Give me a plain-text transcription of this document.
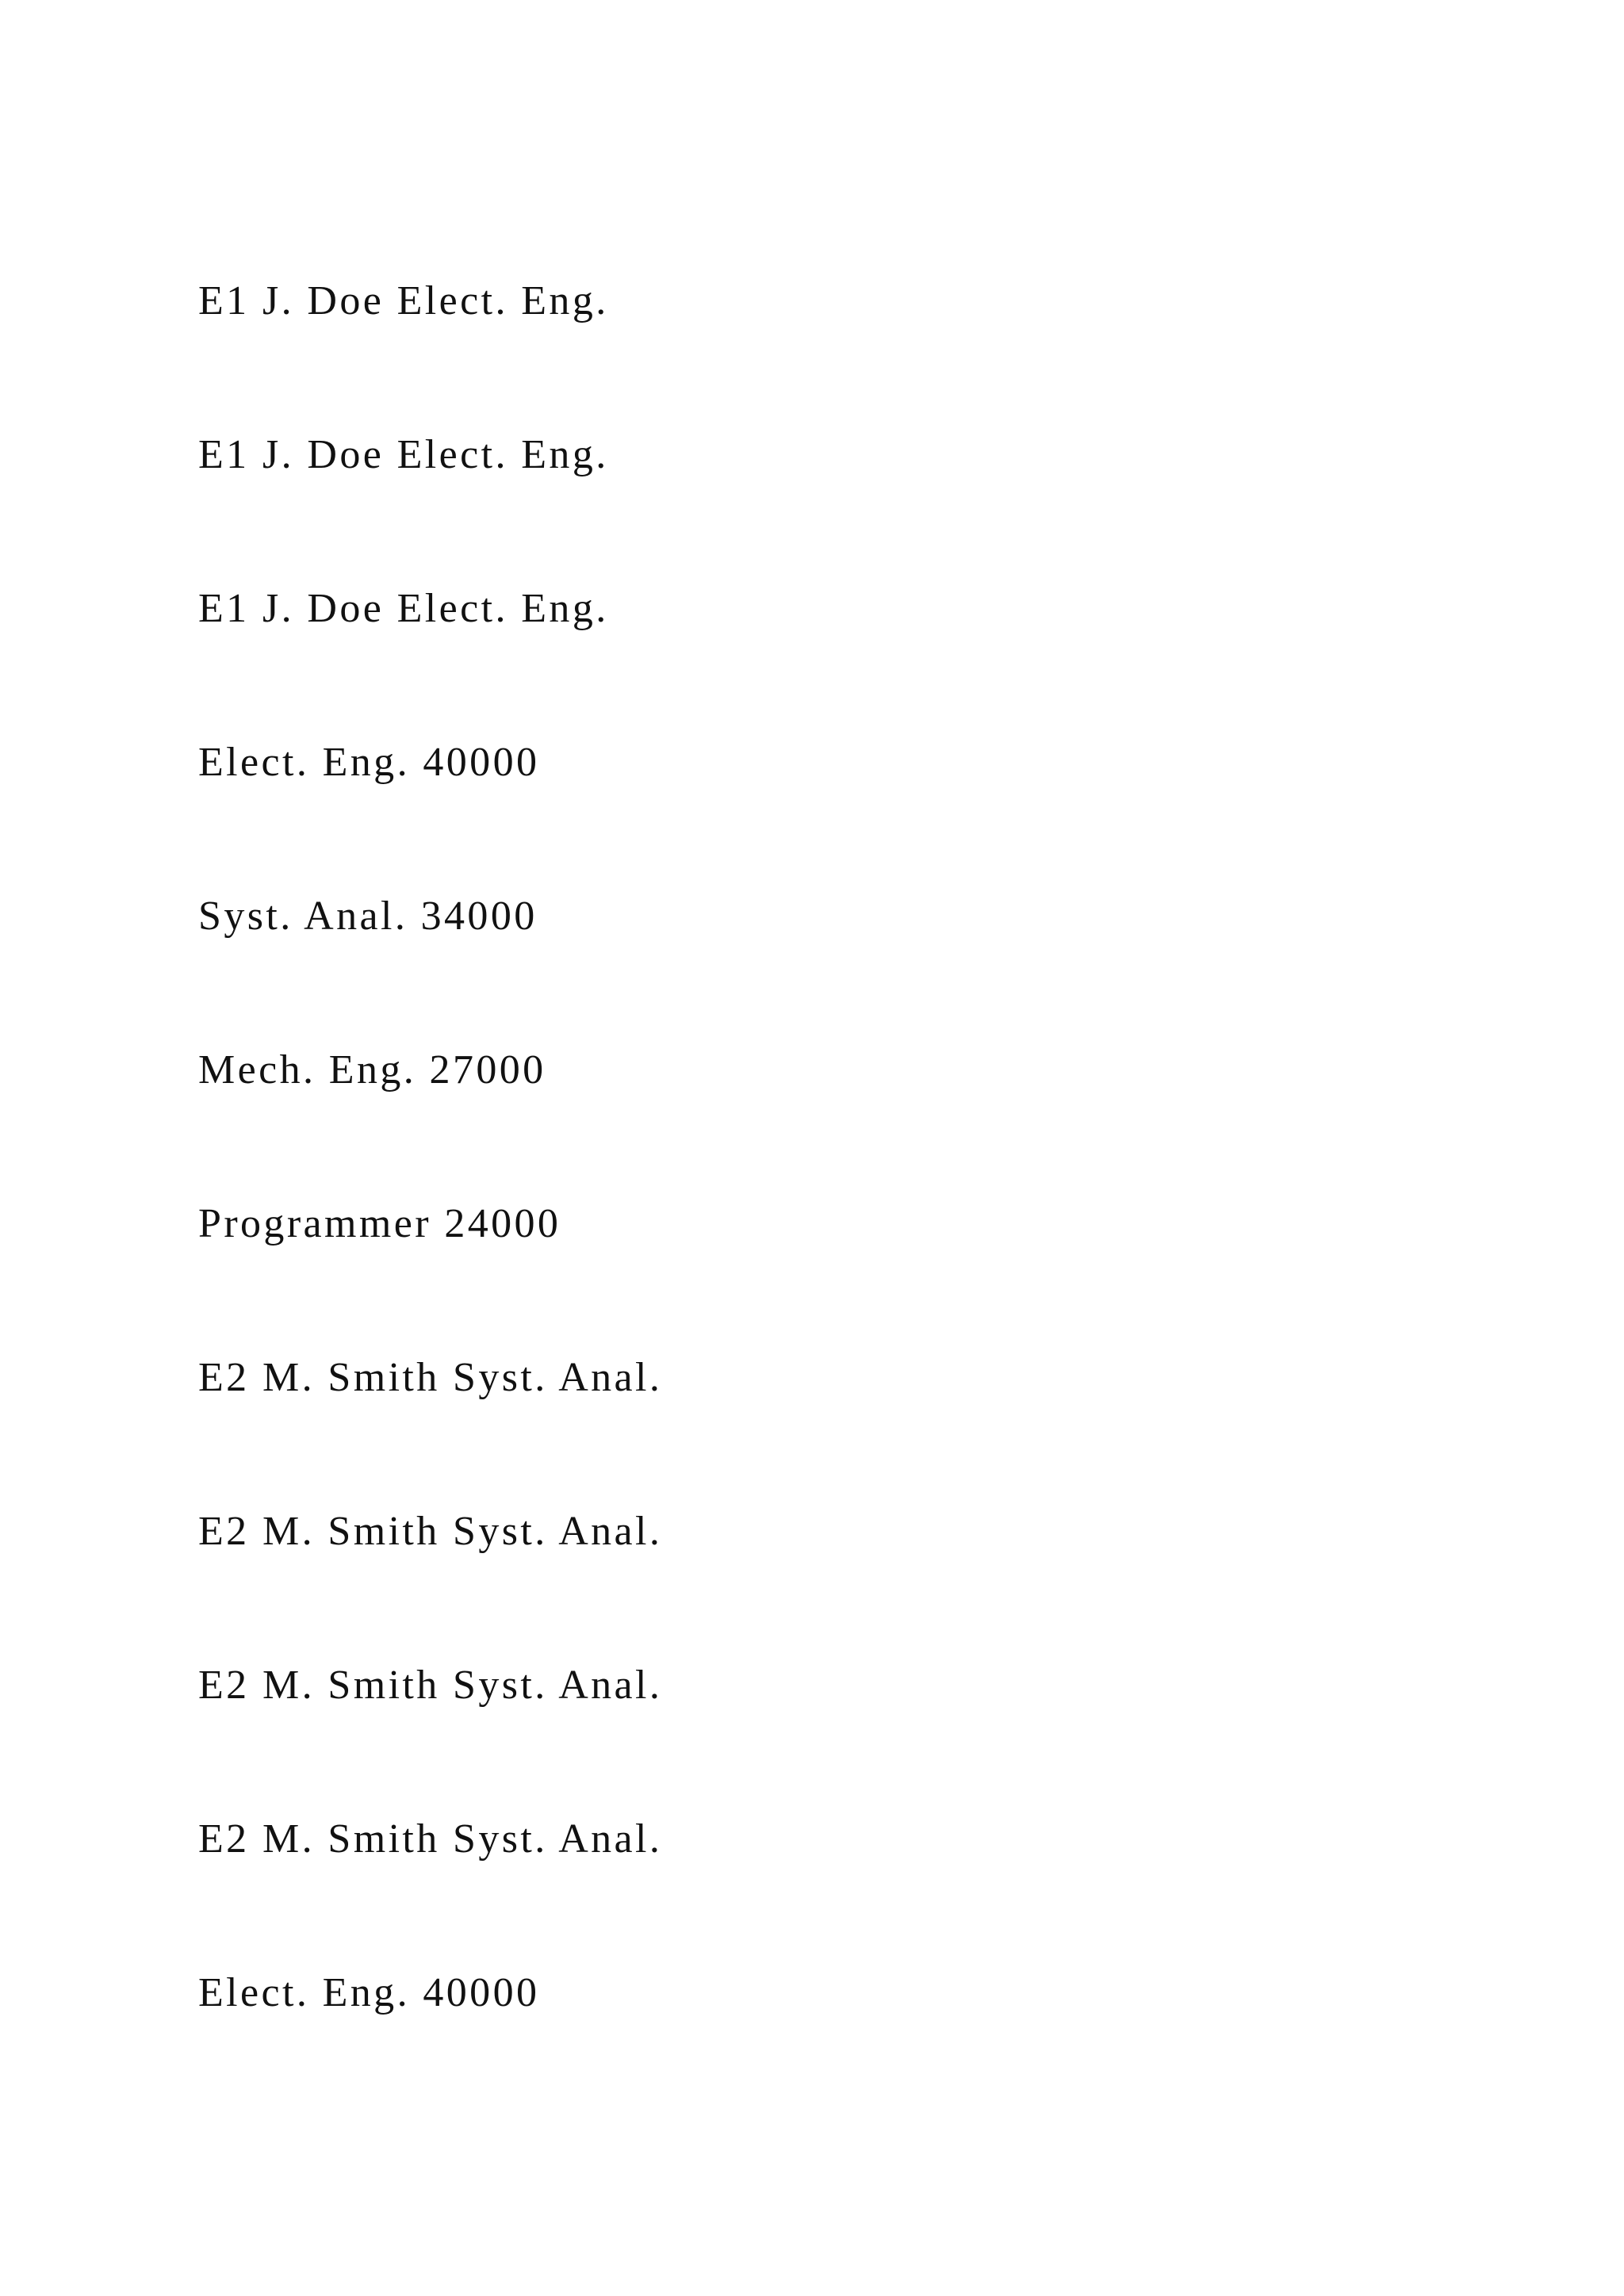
E1 J. Doe Elect. Eng.

E1 J. Doe Elect. Eng.

E1 J. Doe Elect. Eng.

Elect. Eng. 40000

Syst. Anal. 34000

Mech. Eng. 27000

Programmer 24000

E2 M. Smith Syst. Anal.

E2 M. Smith Syst. Anal.

E2 M. Smith Syst. Anal.

E2 M. Smith Syst. Anal.

Elect. Eng. 40000
